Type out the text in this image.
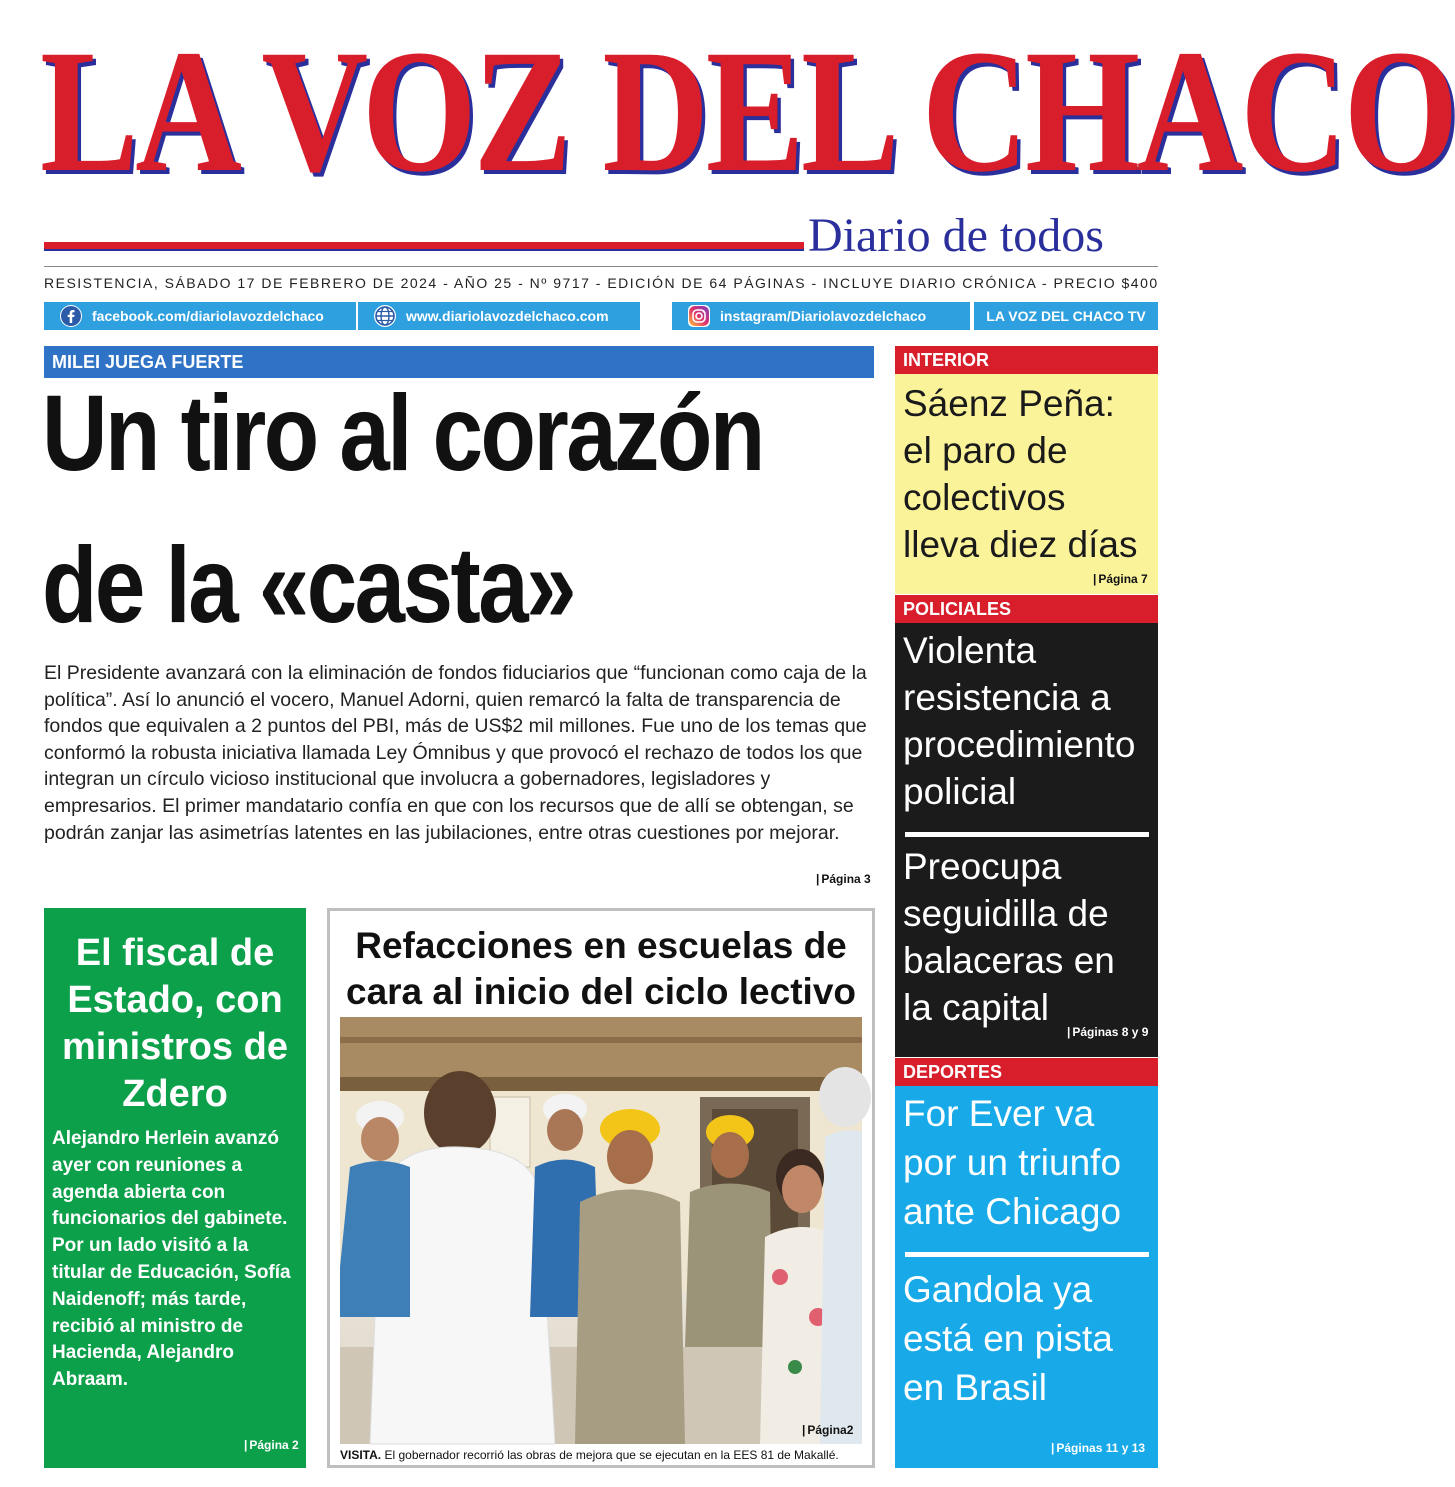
LA VOZ DEL CHACO
Diario de todos
RESISTENCIA, SÁBADO 17 DE FEBRERO DE 2024 - AÑO 25 - Nº 9717 - EDICIÓN DE 64 PÁGINAS - INCLUYE DIARIO CRÓNICA - PRECIO $400
facebook.com/diariolavozdelchaco	www.diariolavozdelchaco.com	instagram/Diariolavozdelchaco	LA VOZ DEL CHACO TV
MILEI JUEGA FUERTE
Un tiro al corazón
de la «casta»
El Presidente avanzará con la eliminación de fondos fiduciarios que “funcionan como caja de la política”. Así lo anunció el vocero, Manuel Adorni, quien remarcó la falta de transparencia de fondos que equivalen a 2 puntos del PBI, más de US$2 mil millones. Fue uno de los temas que conformó la robusta iniciativa llamada Ley Ómnibus y que provocó el rechazo de todos los que integran un círculo vicioso institucional que involucra a gobernadores, legisladores y empresarios. El primer mandatario confía en que con los recursos que de allí se obtengan, se podrán zanjar las asimetrías latentes en las jubilaciones, entre otras cuestiones por mejorar.
| Página 3
El fiscal de Estado, con ministros de Zdero
Alejandro Herlein avanzó ayer con reuniones a agenda abierta con funcionarios del gabinete. Por un lado visitó a la titular de Educación, Sofía Naidenoff; más tarde, recibió al ministro de Hacienda, Alejandro Abraam.
| Página 2
Refacciones en escuelas de cara al inicio del ciclo lectivo
| Página2
VISITA. El gobernador recorrió las obras de mejora que se ejecutan en la EES 81 de Makallé.
INTERIOR
Sáenz Peña:
el paro de
colectivos
lleva diez días
| Página 7
POLICIALES
Violenta
resistencia a
procedimiento
policial
Preocupa
seguidilla de
balaceras en
la capital
| Páginas 8 y 9
DEPORTES
For Ever va
por un triunfo
ante Chicago
Gandola ya
está en pista
en Brasil
| Páginas 11 y 13
